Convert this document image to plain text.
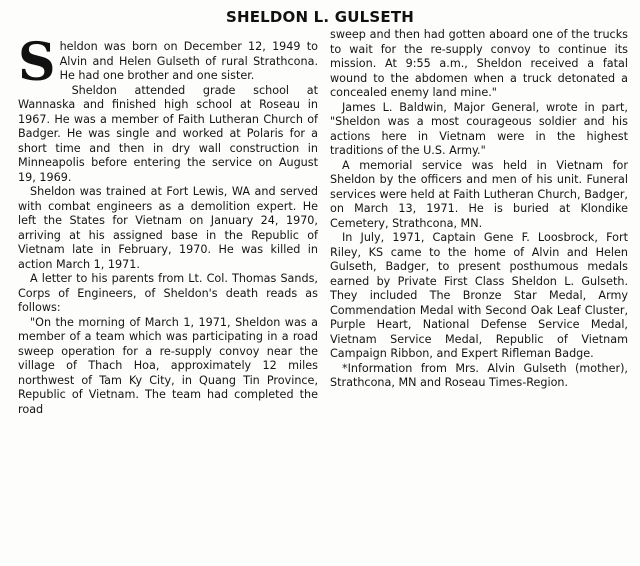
SHELDON L. GULSETH

Sheldon was born on December 12, 1949 to Alvin and Helen Gulseth of rural Strathcona. He had one brother and one sister.

Sheldon attended grade school at Wannaska and finished high school at Roseau in 1967. He was a member of Faith Lutheran Church of Badger. He was single and worked at Polaris for a short time and then in dry wall construction in Minneapolis before entering the service on August 19, 1969.

Sheldon was trained at Fort Lewis, WA and served with combat engineers as a demolition expert. He left the States for Vietnam on January 24, 1970, arriving at his assigned base in the Republic of Vietnam late in February, 1970. He was killed in action March 1, 1971.

A letter to his parents from Lt. Col. Thomas Sands, Corps of Engineers, of Sheldon's death reads as follows:

"On the morning of March 1, 1971, Sheldon was a member of a team which was participating in a road sweep operation for a re-supply convoy near the village of Thach Hoa, approximately 12 miles northwest of Tam Ky City, in Quang Tin Province, Republic of Vietnam. The team had completed the road

sweep and then had gotten aboard one of the trucks to wait for the re-supply convoy to continue its mission. At 9:55 a.m., Sheldon received a fatal wound to the abdomen when a truck detonated a concealed enemy land mine."

James L. Baldwin, Major General, wrote in part, "Sheldon was a most courageous soldier and his actions here in Vietnam were in the highest traditions of the U.S. Army."

A memorial service was held in Vietnam for Sheldon by the officers and men of his unit. Funeral services were held at Faith Lutheran Church, Badger, on March 13, 1971. He is buried at Klondike Cemetery, Strathcona, MN.

In July, 1971, Captain Gene F. Loosbrock, Fort Riley, KS came to the home of Alvin and Helen Gulseth, Badger, to present posthumous medals earned by Private First Class Sheldon L. Gulseth. They included The Bronze Star Medal, Army Commendation Medal with Second Oak Leaf Cluster, Purple Heart, National Defense Service Medal, Vietnam Service Medal, Republic of Vietnam Campaign Ribbon, and Expert Rifleman Badge.

*Information from Mrs. Alvin Gulseth (mother), Strathcona, MN and Roseau Times-Region.
